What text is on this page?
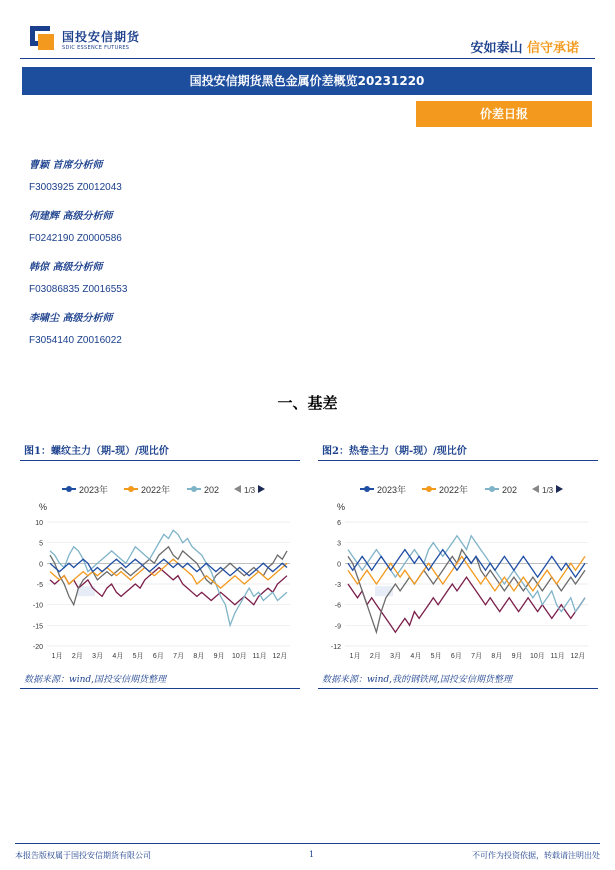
国投安信期货
SDIC ESSENCE FUTURES	安如泰山 信守承诺
国投安信期货黑色金属价差概览20231220
价差日报
曹颖 首席分析师
F3003925 Z0012043
何建辉 高级分析师
F0242190 Z0000586
韩倞 高级分析师
F03086835 Z0016553
李啸尘 高级分析师
F3054140 Z0016022
一、基差
图1：螺纹主力（期-现）/现比价
2023年	2022年	202	1/3
%
10
5
0
-5
-10
-15
-20
1月 2月 3月 4月 5月 6月 7月 8月 9月 10月 11月 12月
数据来源：wind,国投安信期货整理
图2：热卷主力（期-现）/现比价
2023年	2022年	202	1/3
%
6
3
0
-3
-6
-9
-12
1月 2月 3月 4月 5月 6月 7月 8月 9月 10月 11月 12月
数据来源：wind,我的钢铁网,国投安信期货整理
本报告版权属于国投安信期货有限公司	1	不可作为投资依据，转载请注明出处
